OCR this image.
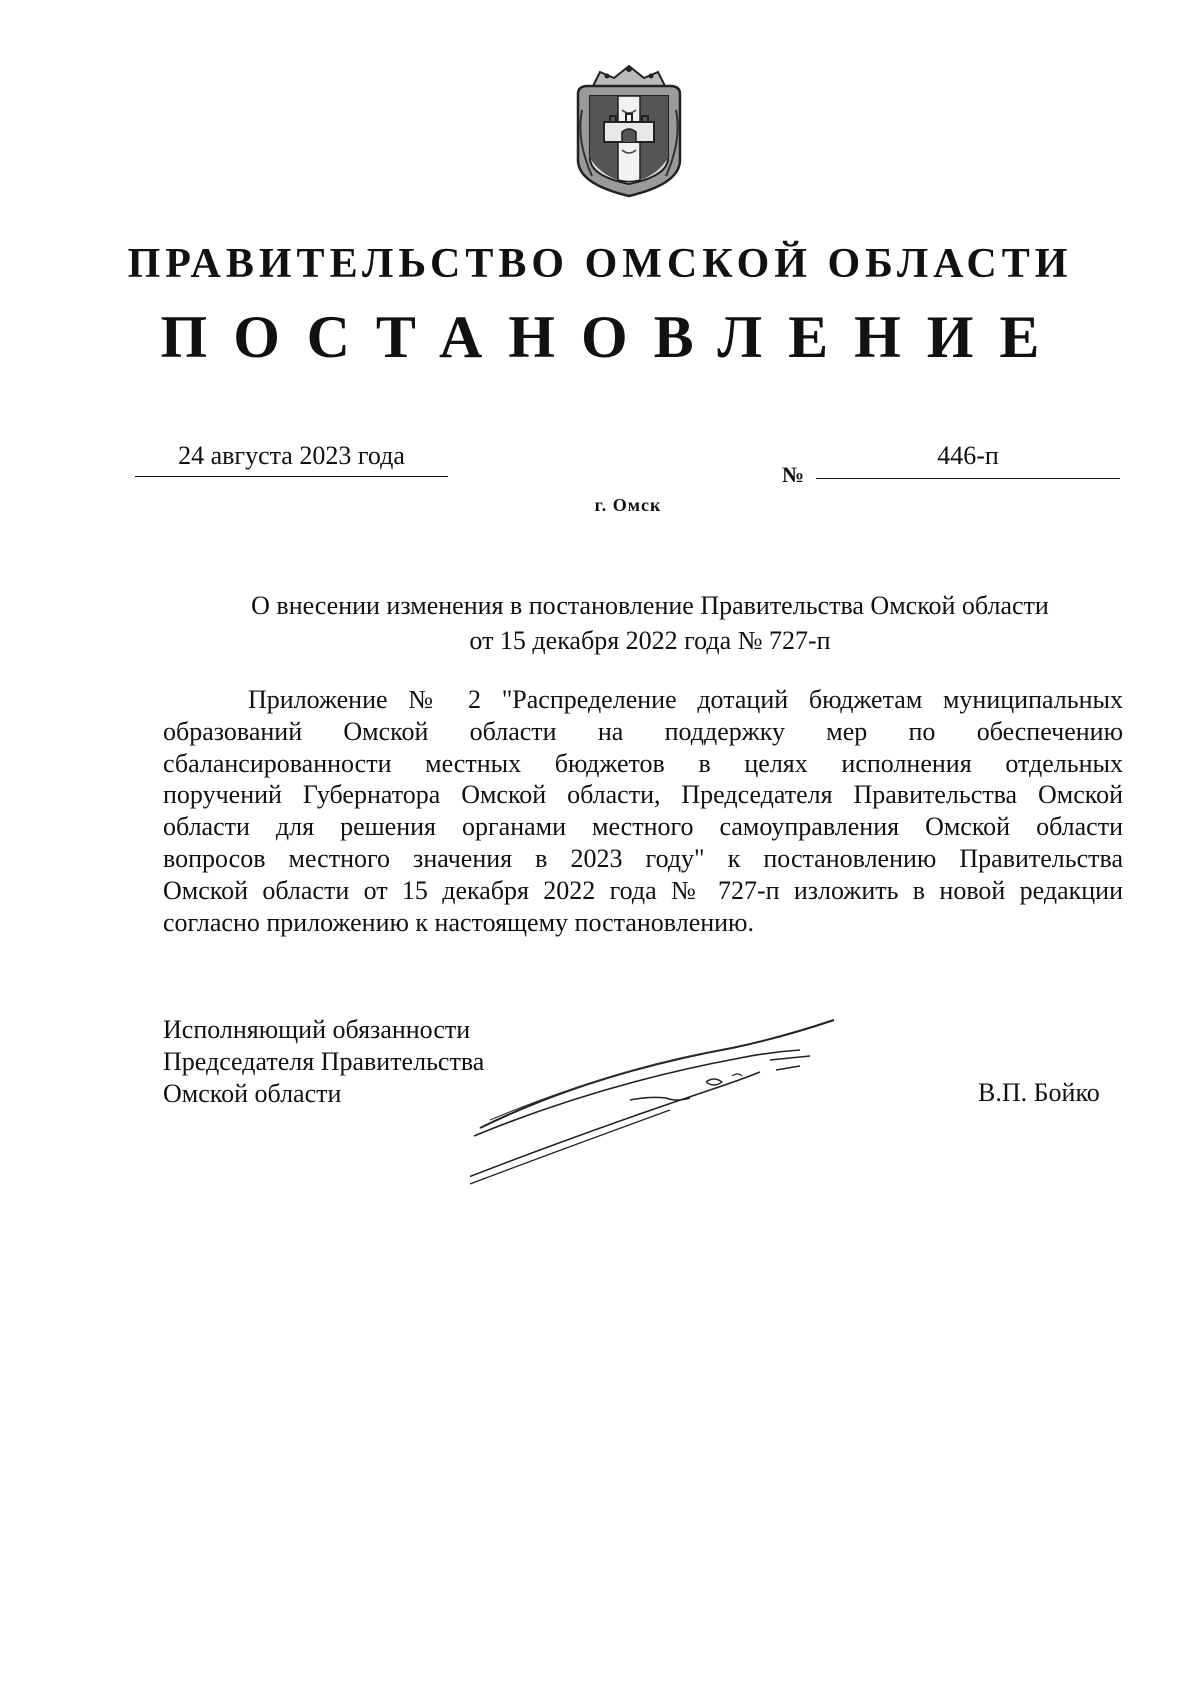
ПРАВИТЕЛЬСТВО ОМСКОЙ ОБЛАСТИ
ПОСТАНОВЛЕНИЕ
24 августа 2023 года
№
446-п
г. Омск
О внесении изменения в постановление Правительства Омской области
от 15 декабря 2022 года № 727-п
Приложение № 2 "Распределение дотаций бюджетам муниципальных
образований Омской области на поддержку мер по обеспечению
сбалансированности местных бюджетов в целях исполнения отдельных
поручений Губернатора Омской области, Председателя Правительства Омской
области для решения органами местного самоуправления Омской области
вопросов местного значения в 2023 году" к постановлению Правительства
Омской области от 15 декабря 2022 года № 727-п изложить в новой редакции
согласно приложению к настоящему постановлению.
Исполняющий обязанности
Председателя Правительства
Омской области	В.П. Бойко
